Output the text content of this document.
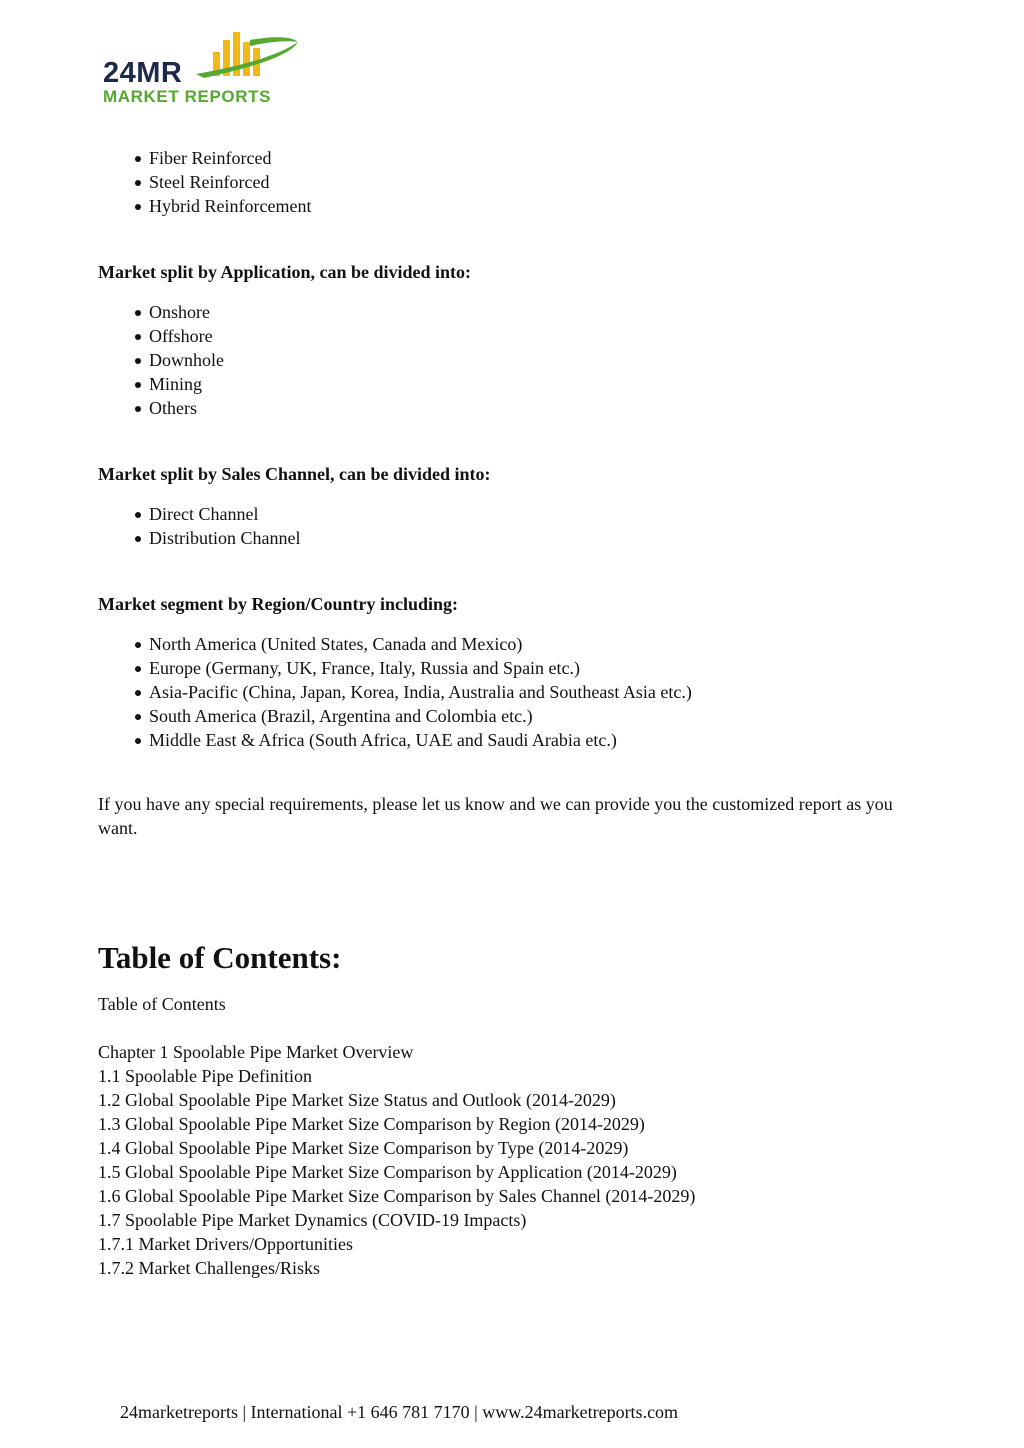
24MR
MARKET REPORTS
Fiber Reinforced
Steel Reinforced
Hybrid Reinforcement

Market split by Application, can be divided into:

Onshore
Offshore
Downhole
Mining
Others

Market split by Sales Channel, can be divided into:

Direct Channel
Distribution Channel

Market segment by Region/Country including:

North America (United States, Canada and Mexico)
Europe (Germany, UK, France, Italy, Russia and Spain etc.)
Asia-Pacific (China, Japan, Korea, India, Australia and Southeast Asia etc.)
South America (Brazil, Argentina and Colombia etc.)
Middle East & Africa (South Africa, UAE and Saudi Arabia etc.)

If you have any special requirements, please let us know and we can provide you the customized report as you want.

Table of Contents:

Table of Contents

Chapter 1 Spoolable Pipe Market Overview
1.1 Spoolable Pipe Definition
1.2 Global Spoolable Pipe Market Size Status and Outlook (2014-2029)
1.3 Global Spoolable Pipe Market Size Comparison by Region (2014-2029)
1.4 Global Spoolable Pipe Market Size Comparison by Type (2014-2029)
1.5 Global Spoolable Pipe Market Size Comparison by Application (2014-2029)
1.6 Global Spoolable Pipe Market Size Comparison by Sales Channel (2014-2029)
1.7 Spoolable Pipe Market Dynamics (COVID-19 Impacts)
1.7.1 Market Drivers/Opportunities
1.7.2 Market Challenges/Risks
24marketreports | International +1 646 781 7170 | www.24marketreports.com
